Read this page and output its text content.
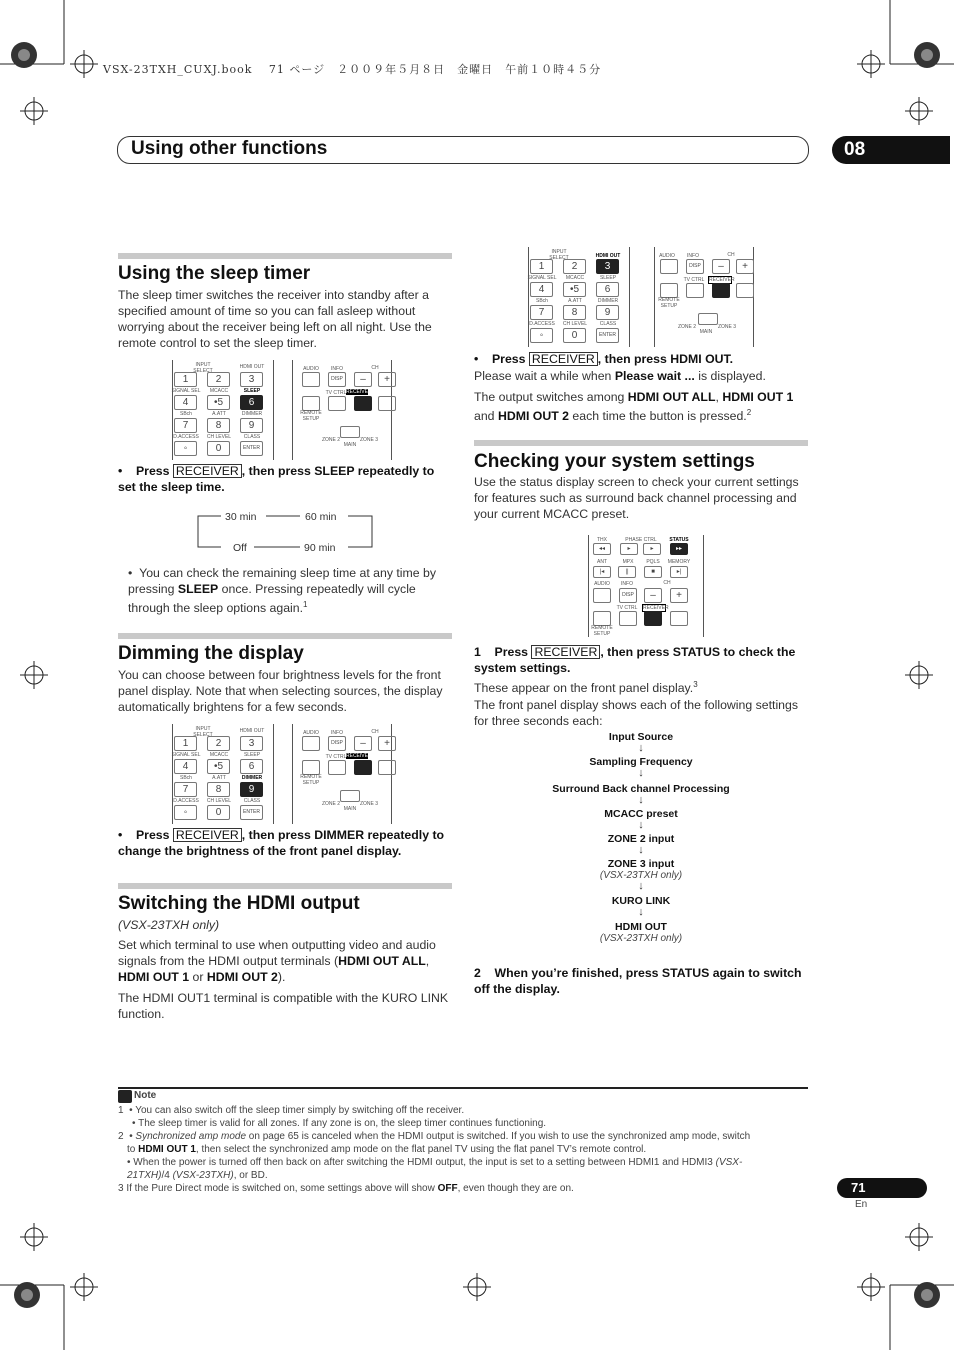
VSX-23TXH_CUXJ.book　 71 ページ　２００９年５月８日　金曜日　午前１０時４５分
Using other functions	08
Using the sleep timer
The sleep timer switches the receiver into standby after a specified amount of time so you can fall asleep without worrying about the receiver being left on all night. Use the remote control to set the sleep timer.
INPUT SELECT
HDMI OUT
1	2	3
SIGNAL SEL	MCACC	SLEEP
4	•5	6
SBch	A.ATT	DIMMER
7	8	9
D.ACCESS	CH LEVEL	CLASS
◦	0	ENTER
AUDIO	INFO	CH
DISP	–	+
TV CTRL RECEIVER
REMOTE SETUP
ZONE 2	ZONE 3
MAIN
•    Press RECEIVER , then press SLEEP repeatedly to set the sleep time.
30 min	60 min
90 min
Off
•  You can check the remaining sleep time at any time by pressing SLEEP once. Pressing repeatedly will cycle through the sleep options again.$^1$
Dimming the display
You can choose between four brightness levels for the front panel display. Note that when selecting sources, the display automatically brightens for a few seconds.
INPUT SELECT
HDMI OUT
1	2	3
SIGNAL SEL	MCACC	SLEEP
4	•5	6
SBch	A.ATT	DIMMER
7	8	9
D.ACCESS	CH LEVEL	CLASS
◦	0	ENTER
AUDIO	INFO	CH
DISP	–	+
TV CTRL RECEIVER
REMOTE SETUP
ZONE 2	ZONE 3
MAIN
•    Press RECEIVER , then press DIMMER repeatedly to change the brightness of the front panel display.
Switching the HDMI output
(VSX-23TXH only)
Set which terminal to use when outputting video and audio signals from the HDMI output terminals (HDMI OUT ALL, HDMI OUT 1 or HDMI OUT 2).
The HDMI OUT1 terminal is compatible with the KURO LINK function.
INPUT SELECT	HDMI OUT
1	2	3
SIGNAL SEL	MCACC	SLEEP
4	•5	6
SBch	A.ATT	DIMMER
7	8	9
D.ACCESS	CH LEVEL	CLASS
◦	0	ENTER
AUDIO	INFO	CH
DISP	–	+
TV CTRL RECEIVER
REMOTE SETUP
ZONE 2	ZONE 3
MAIN
•    Press RECEIVER , then press HDMI OUT.
Please wait a while when Please wait ... is displayed.
The output switches among HDMI OUT ALL, HDMI OUT 1
and HDMI OUT 2 each time the button is pressed.$^2$
Checking your system settings
Use the status display screen to check your current settings for features such as surround back channel processing and your current MCACC preset.
THX	PHASE CTRL	STATUS
◂◂	▸	▸	▸▸
ANT	MPX	PQLS	MEMORY
|◂	||	■	▸|
AUDIO	INFO	CH
DISP	–	+
TV CTRL	RECEIVER
REMOTE SETUP
1 Press RECEIVER , then press STATUS to check the system settings.
These appear on the front panel display.$^3$
The front panel display shows each of the following settings for three seconds each:
Input Source
↓
Sampling Frequency
↓
Surround Back channel Processing
↓
MCACC preset
↓
ZONE 2 input
↓
ZONE 3 input
(VSX-23TXH only)
↓
KURO LINK
↓
HDMI OUT
(VSX-23TXH only)
2 When you’re finished, press STATUS again to switch off the display.
Note
1 • You can also switch off the sleep timer simply by switching off the receiver.
• The sleep timer is valid for all zones. If any zone is on, the sleep timer continues functioning.
2 • Synchronized amp mode on page 65 is canceled when the HDMI output is switched. If you wish to use the synchronized amp mode, switch
to HDMI OUT 1, then select the synchronized amp mode on the flat panel TV using the flat panel TV’s remote control.
• When the power is turned off then back on after switching the HDMI output, the input is set to a setting between HDMI1 and HDMI3 (VSX-
21TXH)/4 (VSX-23TXH), or BD.
3 If the Pure Direct mode is switched on, some settings above will show OFF, even though they are on.	71
En
